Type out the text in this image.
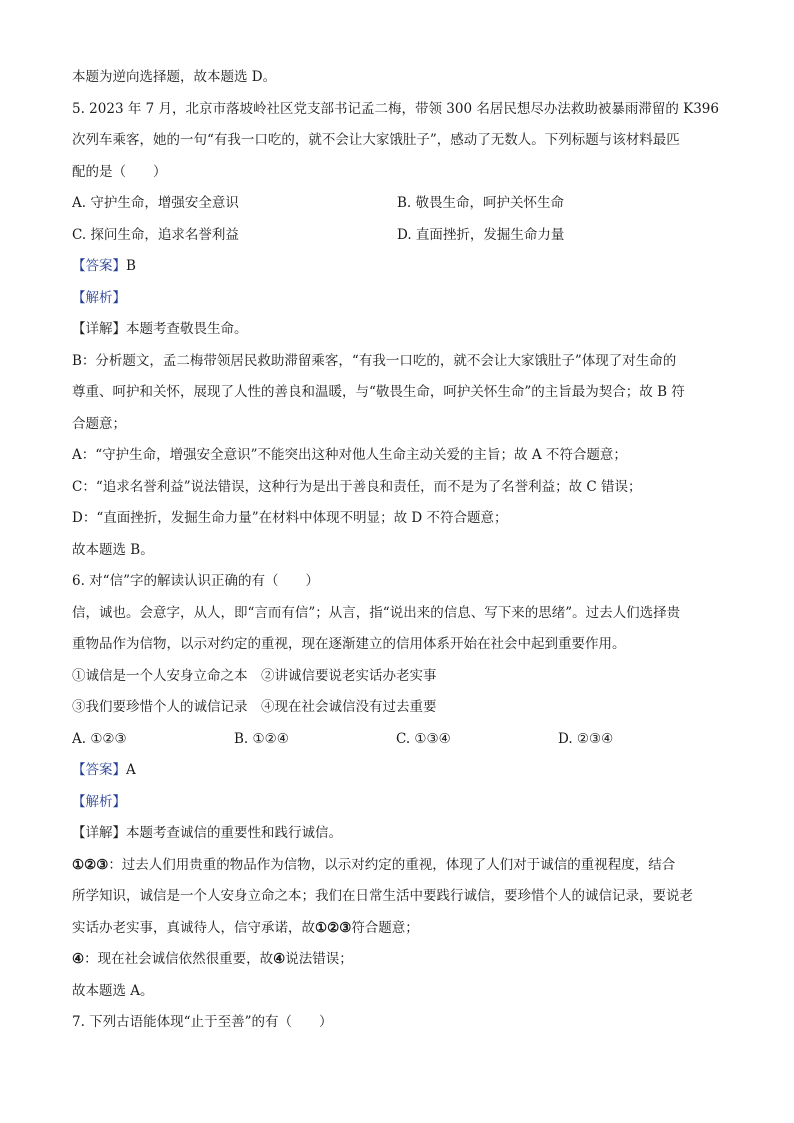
本题为逆向选择题，故本题选 D。
5. 2023 年 7 月，北京市落坡岭社区党支部书记孟二梅，带领 300 名居民想尽办法救助被暴雨滞留的 K396
次列车乘客，她的一句“有我一口吃的，就不会让大家饿肚子”，感动了无数人。下列标题与该材料最匹
配的是（　　）
A. 守护生命，增强安全意识	B. 敬畏生命，呵护关怀生命
C. 探问生命，追求名誉利益	D. 直面挫折，发掘生命力量
【答案】B
【解析】
【详解】本题考查敬畏生命。
B：分析题文，孟二梅带领居民救助滞留乘客，“有我一口吃的，就不会让大家饿肚子”体现了对生命的
尊重、呵护和关怀，展现了人性的善良和温暖，与“敬畏生命，呵护关怀生命”的主旨最为契合；故 B 符
合题意；
A：“守护生命，增强安全意识”不能突出这种对他人生命主动关爱的主旨；故 A 不符合题意；
C：“追求名誉利益”说法错误，这种行为是出于善良和责任，而不是为了名誉利益；故 C 错误；
D：“直面挫折，发掘生命力量”在材料中体现不明显；故 D 不符合题意；
故本题选 B。
6. 对“信”字的解读认识正确的有（　　）
信，诚也。会意字，从人，即“言而有信”；从言，指“说出来的信息、写下来的思绪”。过去人们选择贵
重物品作为信物，以示对约定的重视，现在逐渐建立的信用体系开始在社会中起到重要作用。
①诚信是一个人安身立命之本　②讲诚信要说老实话办老实事
③我们要珍惜个人的诚信记录　④现在社会诚信没有过去重要
A. ①②③	B. ①②④	C. ①③④	D. ②③④
【答案】A
【解析】
【详解】本题考查诚信的重要性和践行诚信。
①②③：过去人们用贵重的物品作为信物，以示对约定的重视，体现了人们对于诚信的重视程度，结合
所学知识，诚信是一个人安身立命之本；我们在日常生活中要践行诚信，要珍惜个人的诚信记录，要说老
实话办老实事，真诚待人，信守承诺，故①②③符合题意；
④：现在社会诚信依然很重要，故④说法错误；
故本题选 A。
7. 下列古语能体现“止于至善”的有（　　）
